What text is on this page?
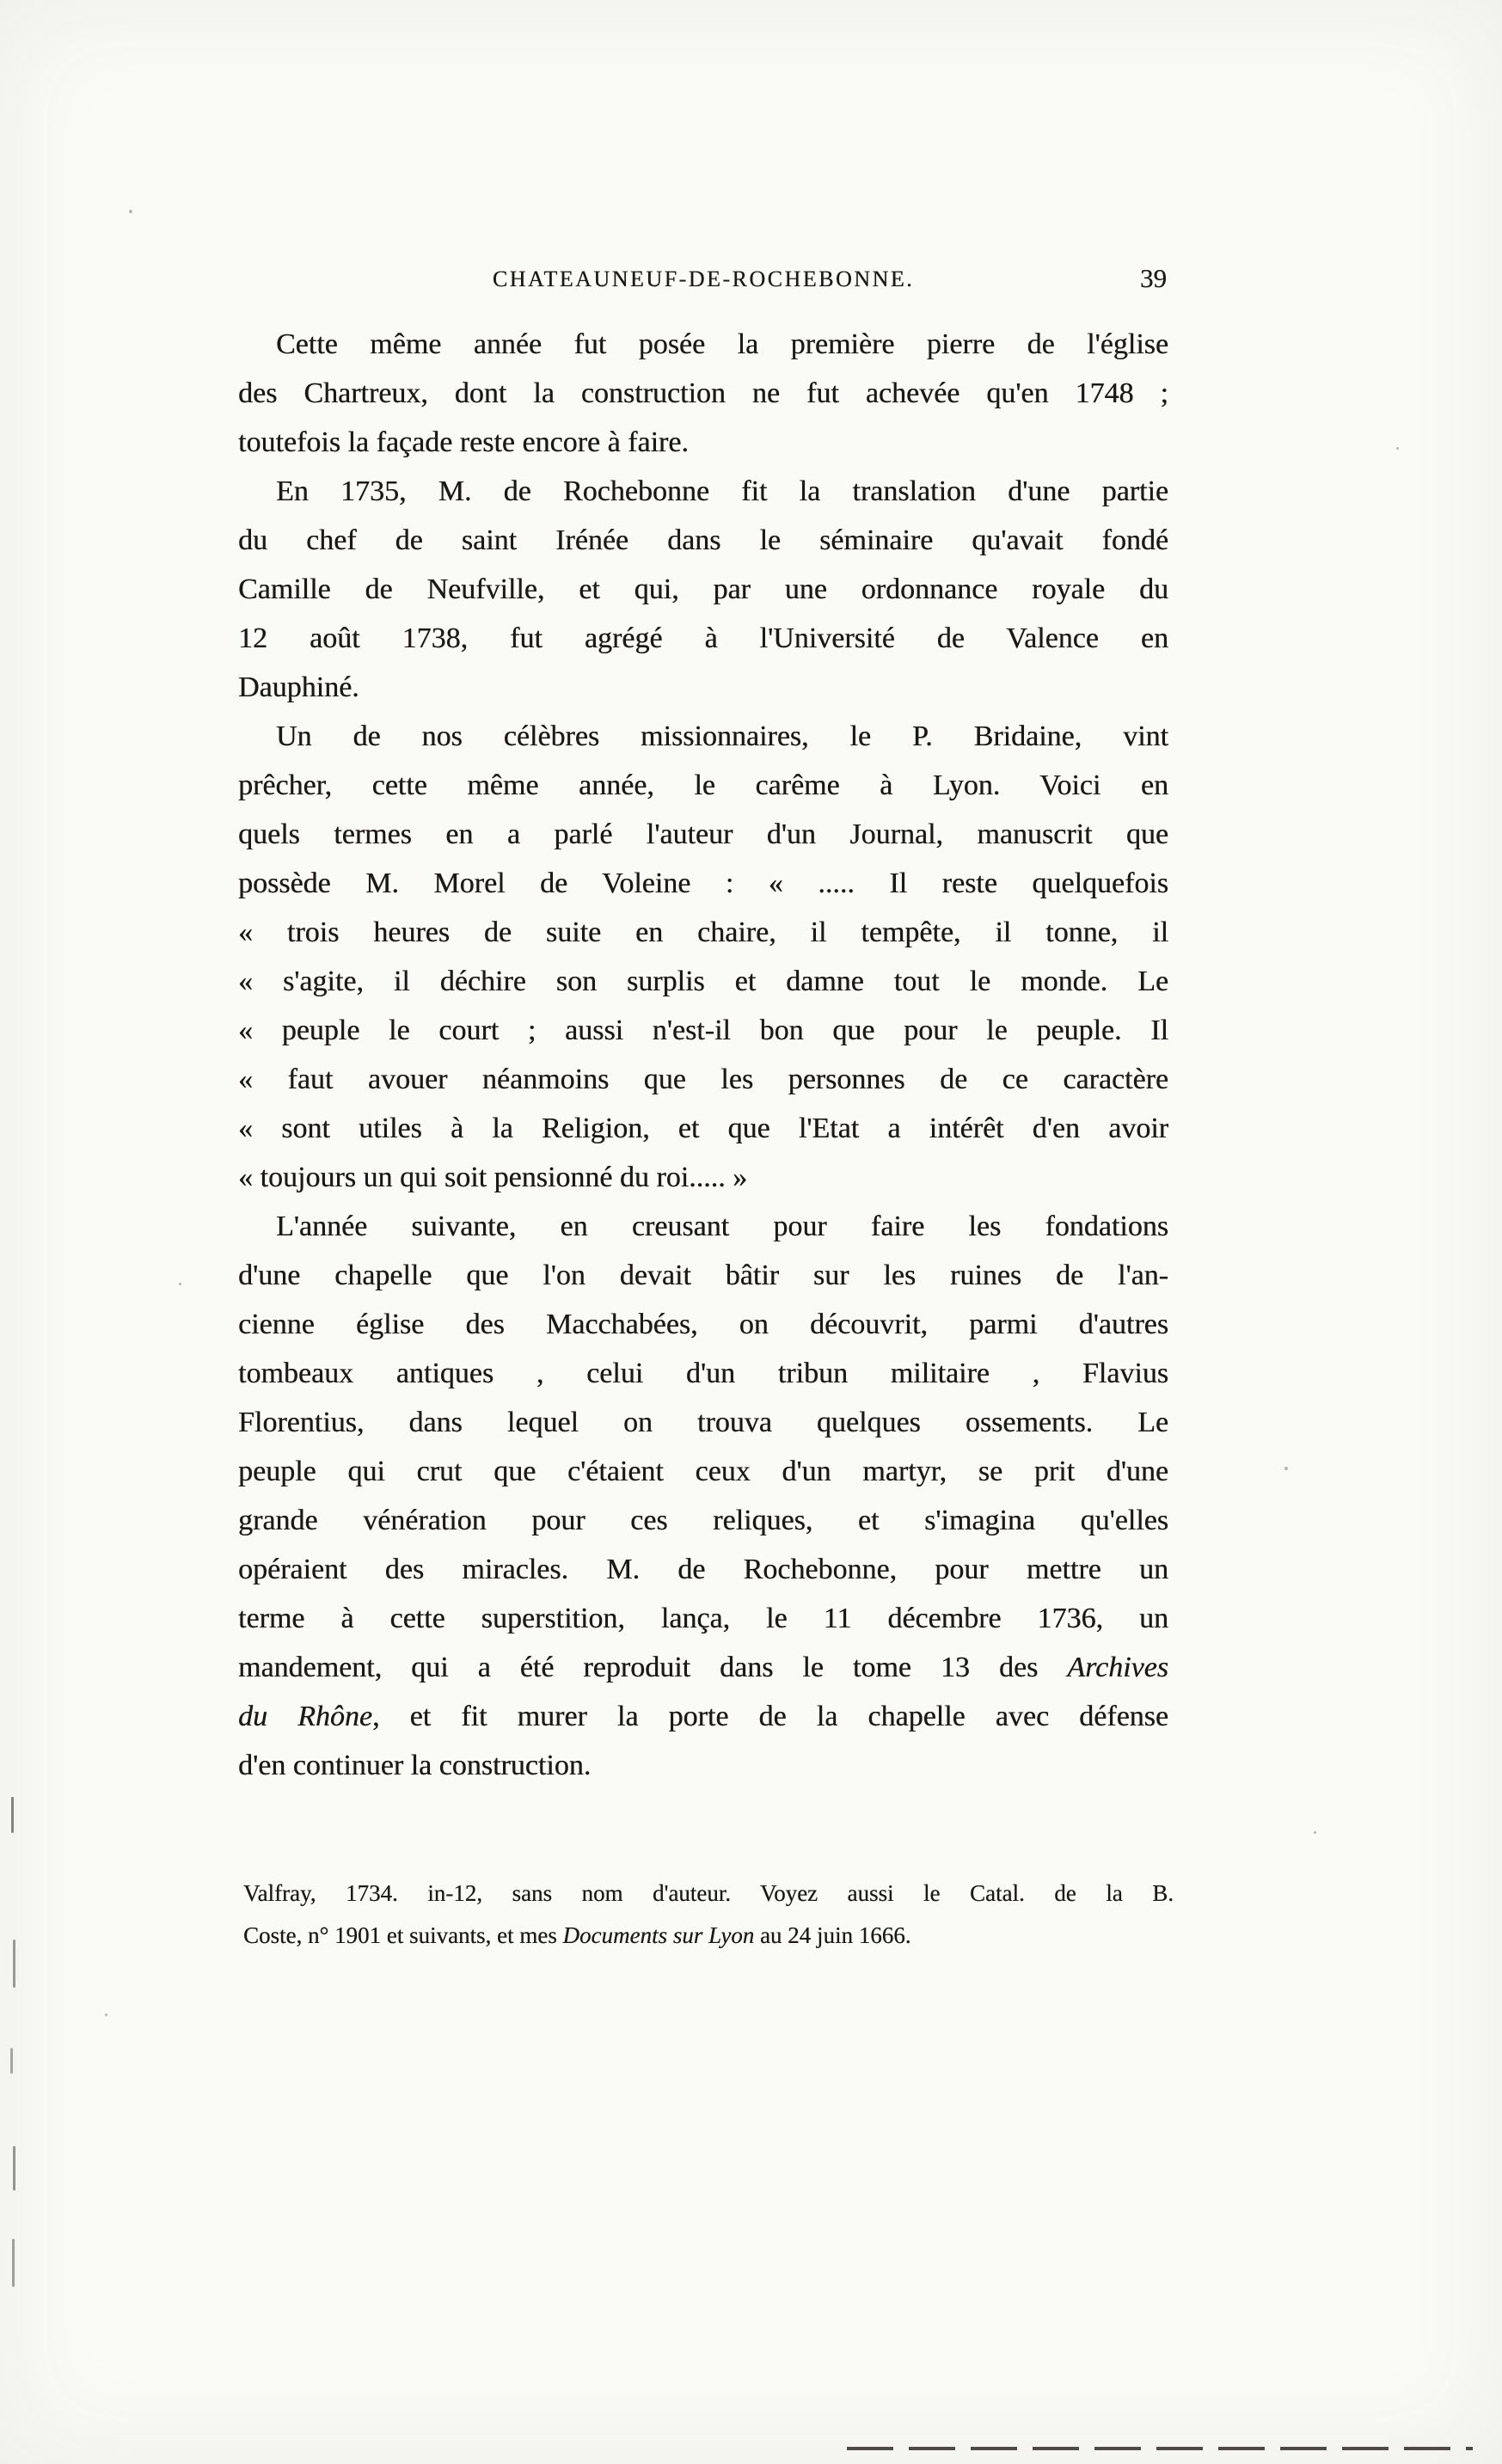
CHATEAUNEUF-DE-ROCHEBONNE.	39
Cette même année fut posée la première pierre de l'église
des Chartreux, dont la construction ne fut achevée qu'en 1748 ;
toutefois la façade reste encore à faire.
En 1735, M. de Rochebonne fit la translation d'une partie
du chef de saint Irénée dans le séminaire qu'avait fondé
Camille de Neufville, et qui, par une ordonnance royale du
12 août 1738, fut agrégé à l'Université de Valence en
Dauphiné.
Un de nos célèbres missionnaires, le P. Bridaine, vint
prêcher, cette même année, le carême à Lyon. Voici en
quels termes en a parlé l'auteur d'un Journal, manuscrit que
possède M. Morel de Voleine : « ..... Il reste quelquefois
« trois heures de suite en chaire, il tempête, il tonne, il
« s'agite, il déchire son surplis et damne tout le monde. Le
« peuple le court ; aussi n'est-il bon que pour le peuple. Il
« faut avouer néanmoins que les personnes de ce caractère
« sont utiles à la Religion, et que l'Etat a intérêt d'en avoir
« toujours un qui soit pensionné du roi..... »
L'année suivante, en creusant pour faire les fondations
d'une chapelle que l'on devait bâtir sur les ruines de l'an-
cienne église des Macchabées, on découvrit, parmi d'autres
tombeaux antiques , celui d'un tribun militaire , Flavius
Florentius, dans lequel on trouva quelques ossements. Le
peuple qui crut que c'étaient ceux d'un martyr, se prit d'une
grande vénération pour ces reliques, et s'imagina qu'elles
opéraient des miracles. M. de Rochebonne, pour mettre un
terme à cette superstition, lança, le 11 décembre 1736, un
mandement, qui a été reproduit dans le tome 13 des Archives
du Rhône, et fit murer la porte de la chapelle avec défense
d'en continuer la construction.
Valfray, 1734. in-12, sans nom d'auteur. Voyez aussi le Catal. de la B.
Coste, n° 1901 et suivants, et mes Documents sur Lyon au 24 juin 1666.
